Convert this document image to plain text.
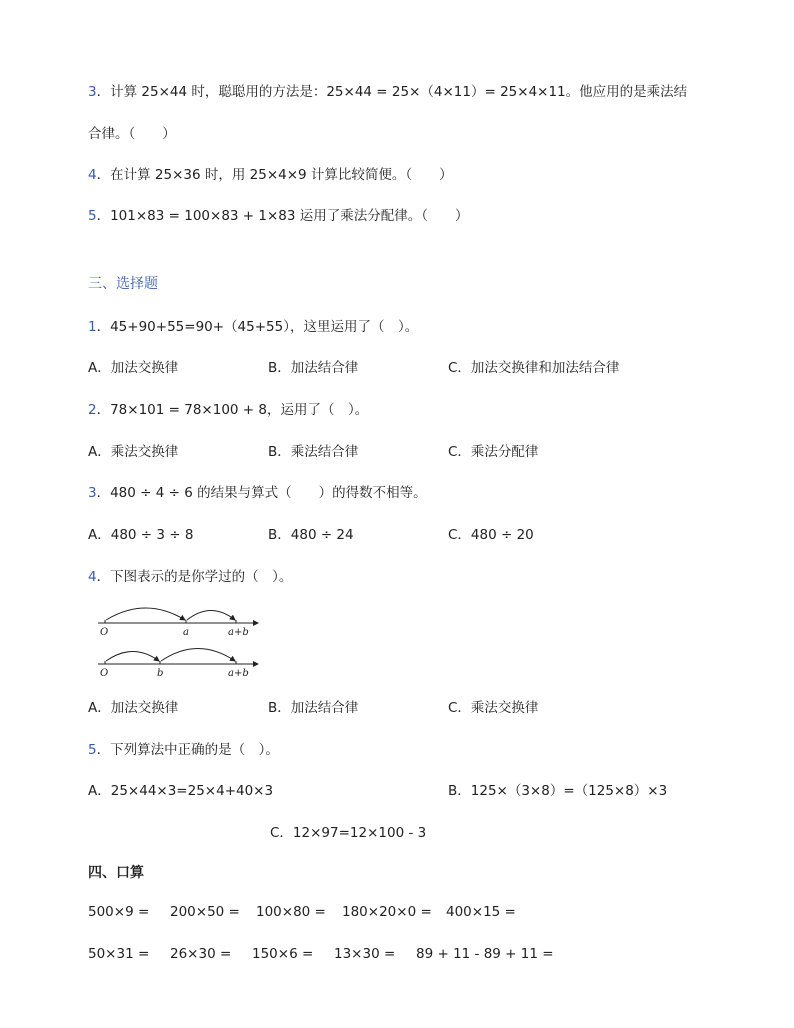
3．计算 25×44 时，聪聪用的方法是：25×44 = 25×（4×11）= 25×4×11。他应用的是乘法结
合律。（　　）
4．在计算 25×36 时，用 25×4×9 计算比较简便。（　　）
5．101×83 = 100×83 + 1×83 运用了乘法分配律。（　　）
三、选择题
1．45+90+55=90+（45+55），这里运用了（　）。
A．加法交换律	B．加法结合律	C．加法交换律和加法结合律
2．78×101 = 78×100 + 8，运用了（　）。
A．乘法交换律	B．乘法结合律	C．乘法分配律
3．480 ÷ 4 ÷ 6 的结果与算式（　　）的得数不相等。
A．480 ÷ 3 ÷ 8	B．480 ÷ 24	C．480 ÷ 20
4．下图表示的是你学过的（　）。
O	a	a+b
O	b	a+b
A．加法交换律	B．加法结合律	C．乘法交换律
5．下列算法中正确的是（　）。
A．25×44×3=25×4+40×3	B．125×（3×8）=（125×8）×3
C．12×97=12×100 - 3
四、口算
500×9 = 200×50 = 100×80 = 180×20×0 = 400×15 =
50×31 = 26×30 = 150×6 = 13×30 = 89 + 11 - 89 + 11 =
